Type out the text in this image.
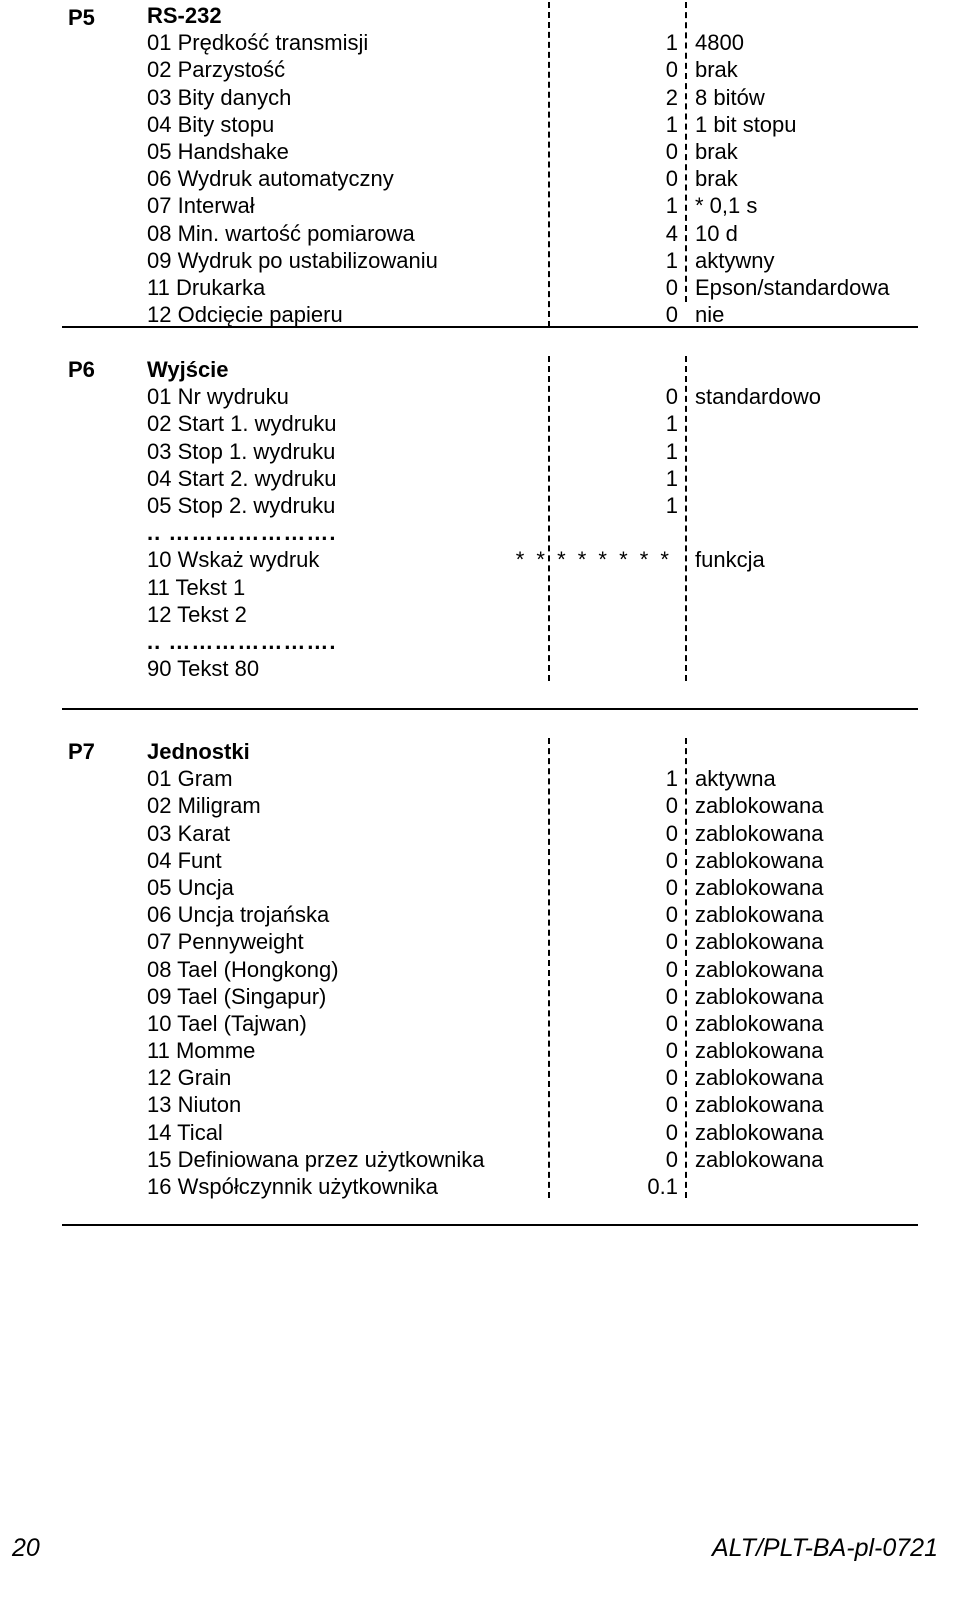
P5 RS-232
01 Prędkość transmisji	1 4800
02 Parzystość	0 brak
03 Bity danych	2 8 bitów
04 Bity stopu	1 1 bit stopu
05 Handshake	0 brak
06 Wydruk automatyczny	0 brak
07 Interwał	1 * 0,1 s
08 Min. wartość pomiarowa	4 10 d
09 Wydruk po ustabilizowaniu	1 aktywny
11 Drukarka	0 Epson/standardowa
12 Odcięcie papieru	0 nie
P6 Wyjście
01 Nr wydruku	0 standardowo
02 Start 1. wydruku	1
03 Stop 1. wydruku	1
04 Start 2. wydruku	1
05 Stop 2. wydruku	1
.. ………………….
10 Wskaż wydruk	* * * * * * * * funkcja
11 Tekst 1
12 Tekst 2
.. ………………….
90 Tekst 80
P7 Jednostki
01 Gram	1 aktywna
02 Miligram	0 zablokowana
03 Karat	0 zablokowana
04 Funt	0 zablokowana
05 Uncja	0 zablokowana
06 Uncja trojańska	0 zablokowana
07 Pennyweight	0 zablokowana
08 Tael (Hongkong)	0 zablokowana
09 Tael (Singapur)	0 zablokowana
10 Tael (Tajwan)	0 zablokowana
11 Momme	0 zablokowana
12 Grain	0 zablokowana
13 Niuton	0 zablokowana
14 Tical	0 zablokowana
15 Definiowana przez użytkownika	0 zablokowana
16 Współczynnik użytkownika	0.1
20	ALT/PLT-BA-pl-0721
